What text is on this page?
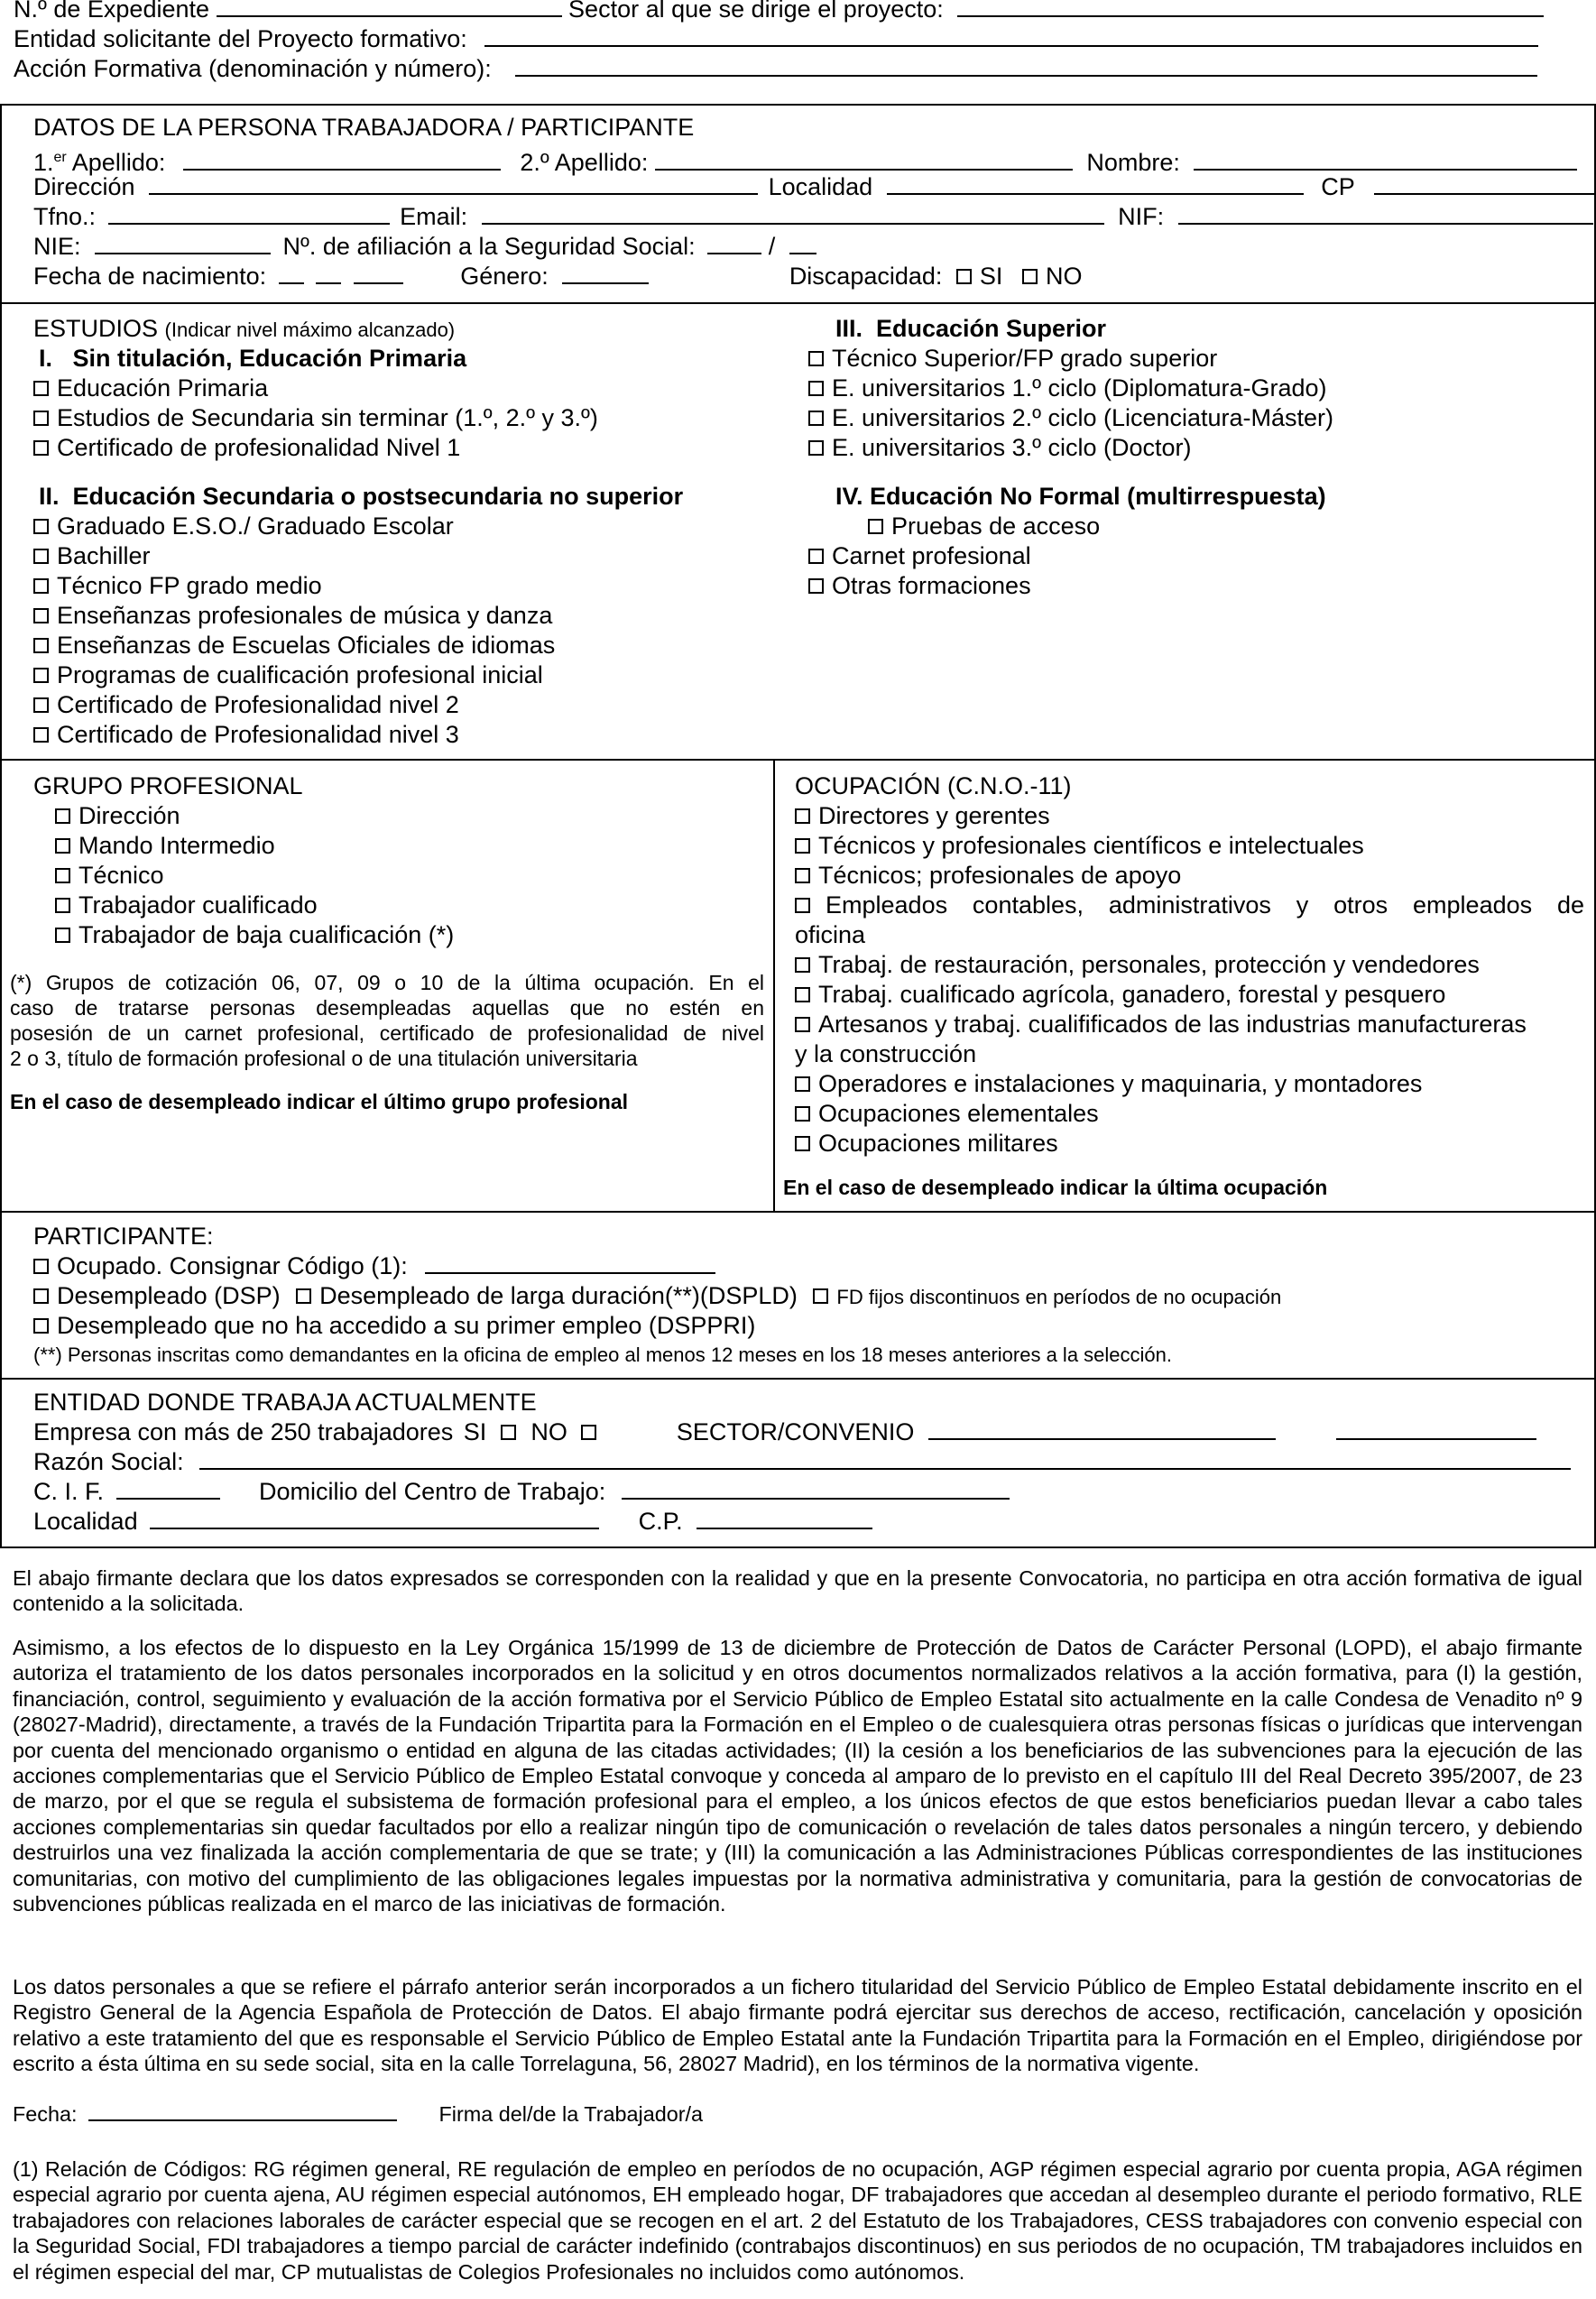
N.º de Expediente	Sector al que se dirige el proyecto:
Entidad solicitante del Proyecto formativo:
Acción Formativa (denominación y número):
DATOS DE LA PERSONA TRABAJADORA / PARTICIPANTE
1.$^{er}$ Apellido:	2.º Apellido:	Nombre:
Dirección	Localidad	CP
Tfno.:	Email:	NIF:
NIE:	Nº. de afiliación a la Seguridad Social:	/
Fecha de nacimiento:	Género:	Discapacidad: SI NO
ESTUDIOS (Indicar nivel máximo alcanzado)
I.   Sin titulación, Educación Primaria
Educación Primaria
Estudios de Secundaria sin terminar (1.º, 2.º y 3.º)
Certificado de profesionalidad Nivel 1
II.  Educación Secundaria o postsecundaria no superior
Graduado E.S.O./ Graduado Escolar
Bachiller
Técnico FP grado medio
Enseñanzas profesionales de música y danza
Enseñanzas de Escuelas Oficiales de idiomas
Programas de cualificación profesional inicial
Certificado de Profesionalidad nivel 2
Certificado de Profesionalidad nivel 3
III.  Educación Superior
Técnico Superior/FP grado superior
E. universitarios 1.º ciclo (Diplomatura-Grado)
E. universitarios 2.º ciclo (Licenciatura-Máster)
E. universitarios 3.º ciclo (Doctor)
IV. Educación No Formal (multirrespuesta)
Pruebas de acceso
Carnet profesional
Otras formaciones
GRUPO PROFESIONAL
Dirección
Mando Intermedio
Técnico
Trabajador cualificado
Trabajador de baja cualificación (*)
(*) Grupos de cotización 06, 07, 09 o 10 de la última ocupación. En el
caso de tratarse personas desempleadas aquellas que no estén en
posesión de un carnet profesional, certificado de profesionalidad de nivel
2 o 3, título de formación profesional o de una titulación universitaria
En el caso de desempleado indicar el último grupo profesional
OCUPACIÓN (C.N.O.-11)
Directores y gerentes
Técnicos y profesionales científicos e intelectuales
Técnicos; profesionales de apoyo
Empleados contables, administrativos y otros empleados de
oficina
Trabaj. de restauración, personales, protección y vendedores
Trabaj. cualificado agrícola, ganadero, forestal y pesquero
Artesanos y trabaj. cualifificados de las industrias manufactureras
y la construcción
Operadores e instalaciones y maquinaria, y montadores
Ocupaciones elementales
Ocupaciones militares
En el caso de desempleado indicar la última ocupación
PARTICIPANTE:
Ocupado. Consignar Código (1):
Desempleado (DSP) Desempleado de larga duración(**)(DSPLD) FD fijos discontinuos en períodos de no ocupación
Desempleado que no ha accedido a su primer empleo (DSPPRI)
(**) Personas inscritas como demandantes en la oficina de empleo al menos 12 meses en los 18 meses anteriores a la selección.
ENTIDAD DONDE TRABAJA ACTUALMENTE
Empresa con más de 250 trabajadores SI NO	SECTOR/CONVENIO
Razón Social:
C. I. F.	Domicilio del Centro de Trabajo:
Localidad	C.P.
El abajo firmante declara que los datos expresados se corresponden con la realidad y que en la presente Convocatoria, no participa en otra acción formativa de igual contenido a la solicitada.
Asimismo, a los efectos de lo dispuesto en la Ley Orgánica 15/1999 de 13 de diciembre de Protección de Datos de Carácter Personal (LOPD), el abajo firmante autoriza el tratamiento de los datos personales incorporados en la solicitud y en otros documentos normalizados relativos a la acción formativa, para (I) la gestión, financiación, control, seguimiento y evaluación de la acción formativa por el Servicio Público de Empleo Estatal sito actualmente en la calle Condesa de Venadito nº 9 (28027-Madrid), directamente, a través de la Fundación Tripartita para la Formación en el Empleo o de cualesquiera otras personas físicas o jurídicas que intervengan por cuenta del mencionado organismo o entidad en alguna de las citadas actividades; (II) la cesión a los beneficiarios de las subvenciones para la ejecución de las acciones complementarias que el Servicio Público de Empleo Estatal convoque y conceda al amparo de lo previsto en el capítulo III del Real Decreto 395/2007, de 23 de marzo, por el que se regula el subsistema de formación profesional para el empleo, a los únicos efectos de que estos beneficiarios puedan llevar a cabo tales acciones complementarias sin quedar facultados por ello a realizar ningún tipo de comunicación o revelación de tales datos personales a ningún tercero, y debiendo destruirlos una vez finalizada la acción complementaria de que se trate; y (III) la comunicación a las Administraciones Públicas correspondientes de las instituciones comunitarias, con motivo del cumplimiento de las obligaciones legales impuestas por la normativa administrativa y comunitaria, para la gestión de convocatorias de subvenciones públicas realizada en el marco de las iniciativas de formación.
Los datos personales a que se refiere el párrafo anterior serán incorporados a un fichero titularidad del Servicio Público de Empleo Estatal debidamente inscrito en el Registro General de la Agencia Española de Protección de Datos. El abajo firmante podrá ejercitar sus derechos de acceso, rectificación, cancelación y oposición relativo a este tratamiento del que es responsable el Servicio Público de Empleo Estatal ante la Fundación Tripartita para la Formación en el Empleo, dirigiéndose por escrito a ésta última en su sede social, sita en la calle Torrelaguna, 56, 28027 Madrid), en los términos de la normativa vigente.
Fecha:	Firma del/de la Trabajador/a
(1) Relación de Códigos: RG régimen general, RE regulación de empleo en períodos de no ocupación, AGP régimen especial agrario por cuenta propia, AGA régimen especial agrario por cuenta ajena, AU régimen especial autónomos, EH empleado hogar, DF trabajadores que accedan al desempleo durante el periodo formativo, RLE trabajadores con relaciones laborales de carácter especial que se recogen en el art. 2 del Estatuto de los Trabajadores, CESS trabajadores con convenio especial con la Seguridad Social, FDI trabajadores a tiempo parcial de carácter indefinido (contrabajos discontinuos) en sus periodos de no ocupación, TM trabajadores incluidos en el régimen especial del mar, CP mutualistas de Colegios Profesionales no incluidos como autónomos.
